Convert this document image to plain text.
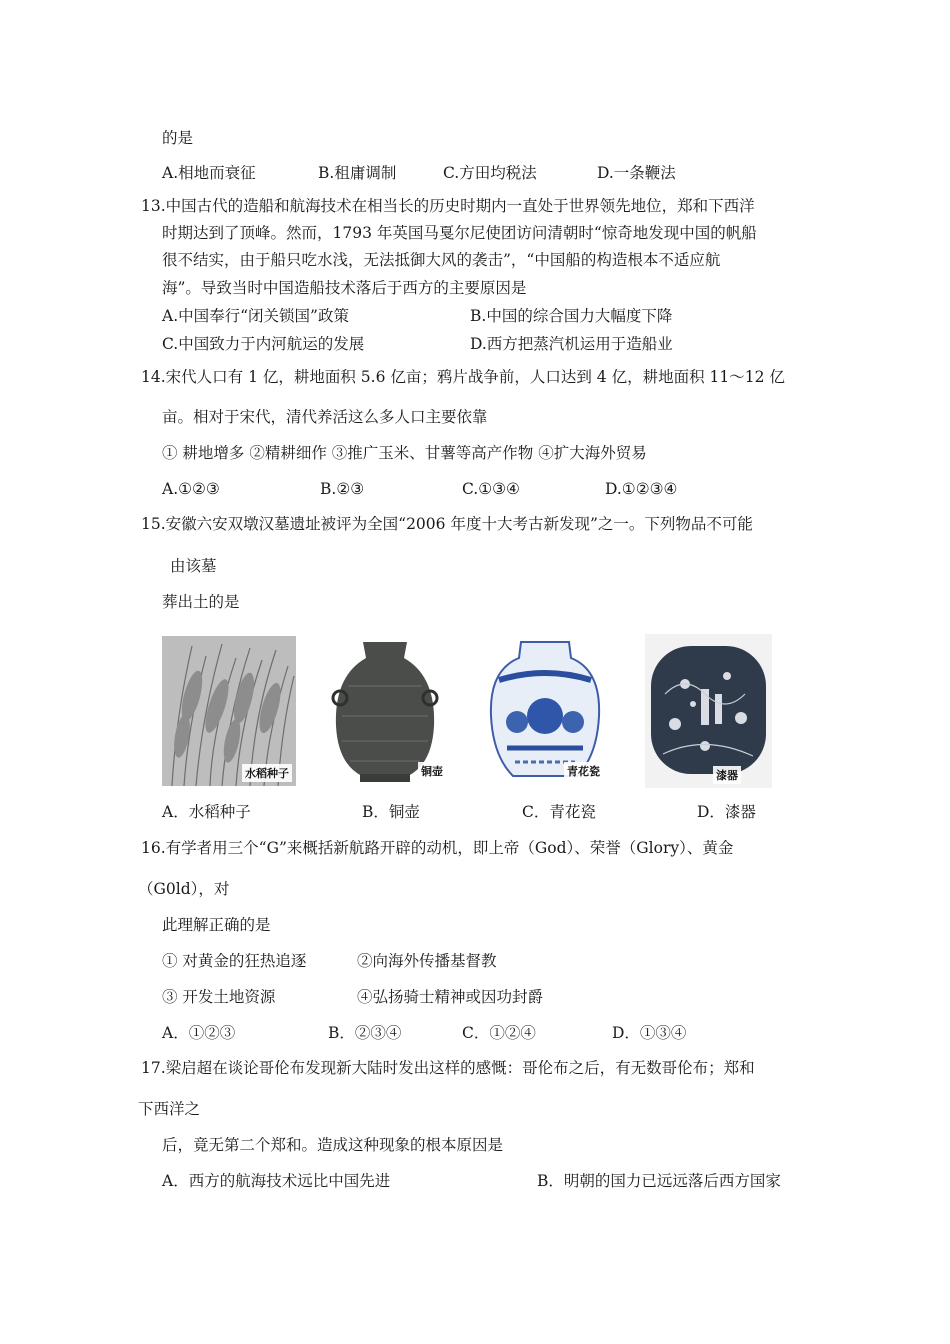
的是
A.相地而衰征	B.租庸调制	C.方田均税法	D.一条鞭法
13.中国古代的造船和航海技术在相当长的历史时期内一直处于世界领先地位，郑和下西洋
时期达到了顶峰。然而，1793 年英国马戛尔尼使团访问清朝时“惊奇地发现中国的帆船
很不结实，由于船只吃水浅，无法抵御大风的袭击”，“中国船的构造根本不适应航
海”。导致当时中国造船技术落后于西方的主要原因是
A.中国奉行“闭关锁国”政策	B.中国的综合国力大幅度下降
C.中国致力于内河航运的发展	D.西方把蒸汽机运用于造船业
14.宋代人口有 1 亿，耕地面积 5.6 亿亩；鸦片战争前，人口达到 4 亿，耕地面积 11～12 亿
亩。相对于宋代，清代养活这么多人口主要依靠
① 耕地增多 ②精耕细作 ③推广玉米、甘薯等高产作物 ④扩大海外贸易
A.①②③	B.②③	C.①③④	D.①②③④
15.安徽六安双墩汉墓遗址被评为全国“2006 年度十大考古新发现”之一。下列物品不可能
由该墓
葬出土的是
水稻种子	铜壶	青花瓷	漆器
A．水稻种子	B．铜壶	C．青花瓷	D．漆器
16.有学者用三个“G”来概括新航路开辟的动机，即上帝（God）、荣誉（Glory）、黄金
（G0ld），对
此理解正确的是
① 对黄金的狂热追逐	②向海外传播基督教
③ 开发土地资源	④弘扬骑士精神或因功封爵
A．①②③	B．②③④	C．①②④	D．①③④
17.梁启超在谈论哥伦布发现新大陆时发出这样的感慨：哥伦布之后，有无数哥伦布；郑和
下西洋之
后，竟无第二个郑和。造成这种现象的根本原因是
A．西方的航海技术远比中国先进	B．明朝的国力已远远落后西方国家
